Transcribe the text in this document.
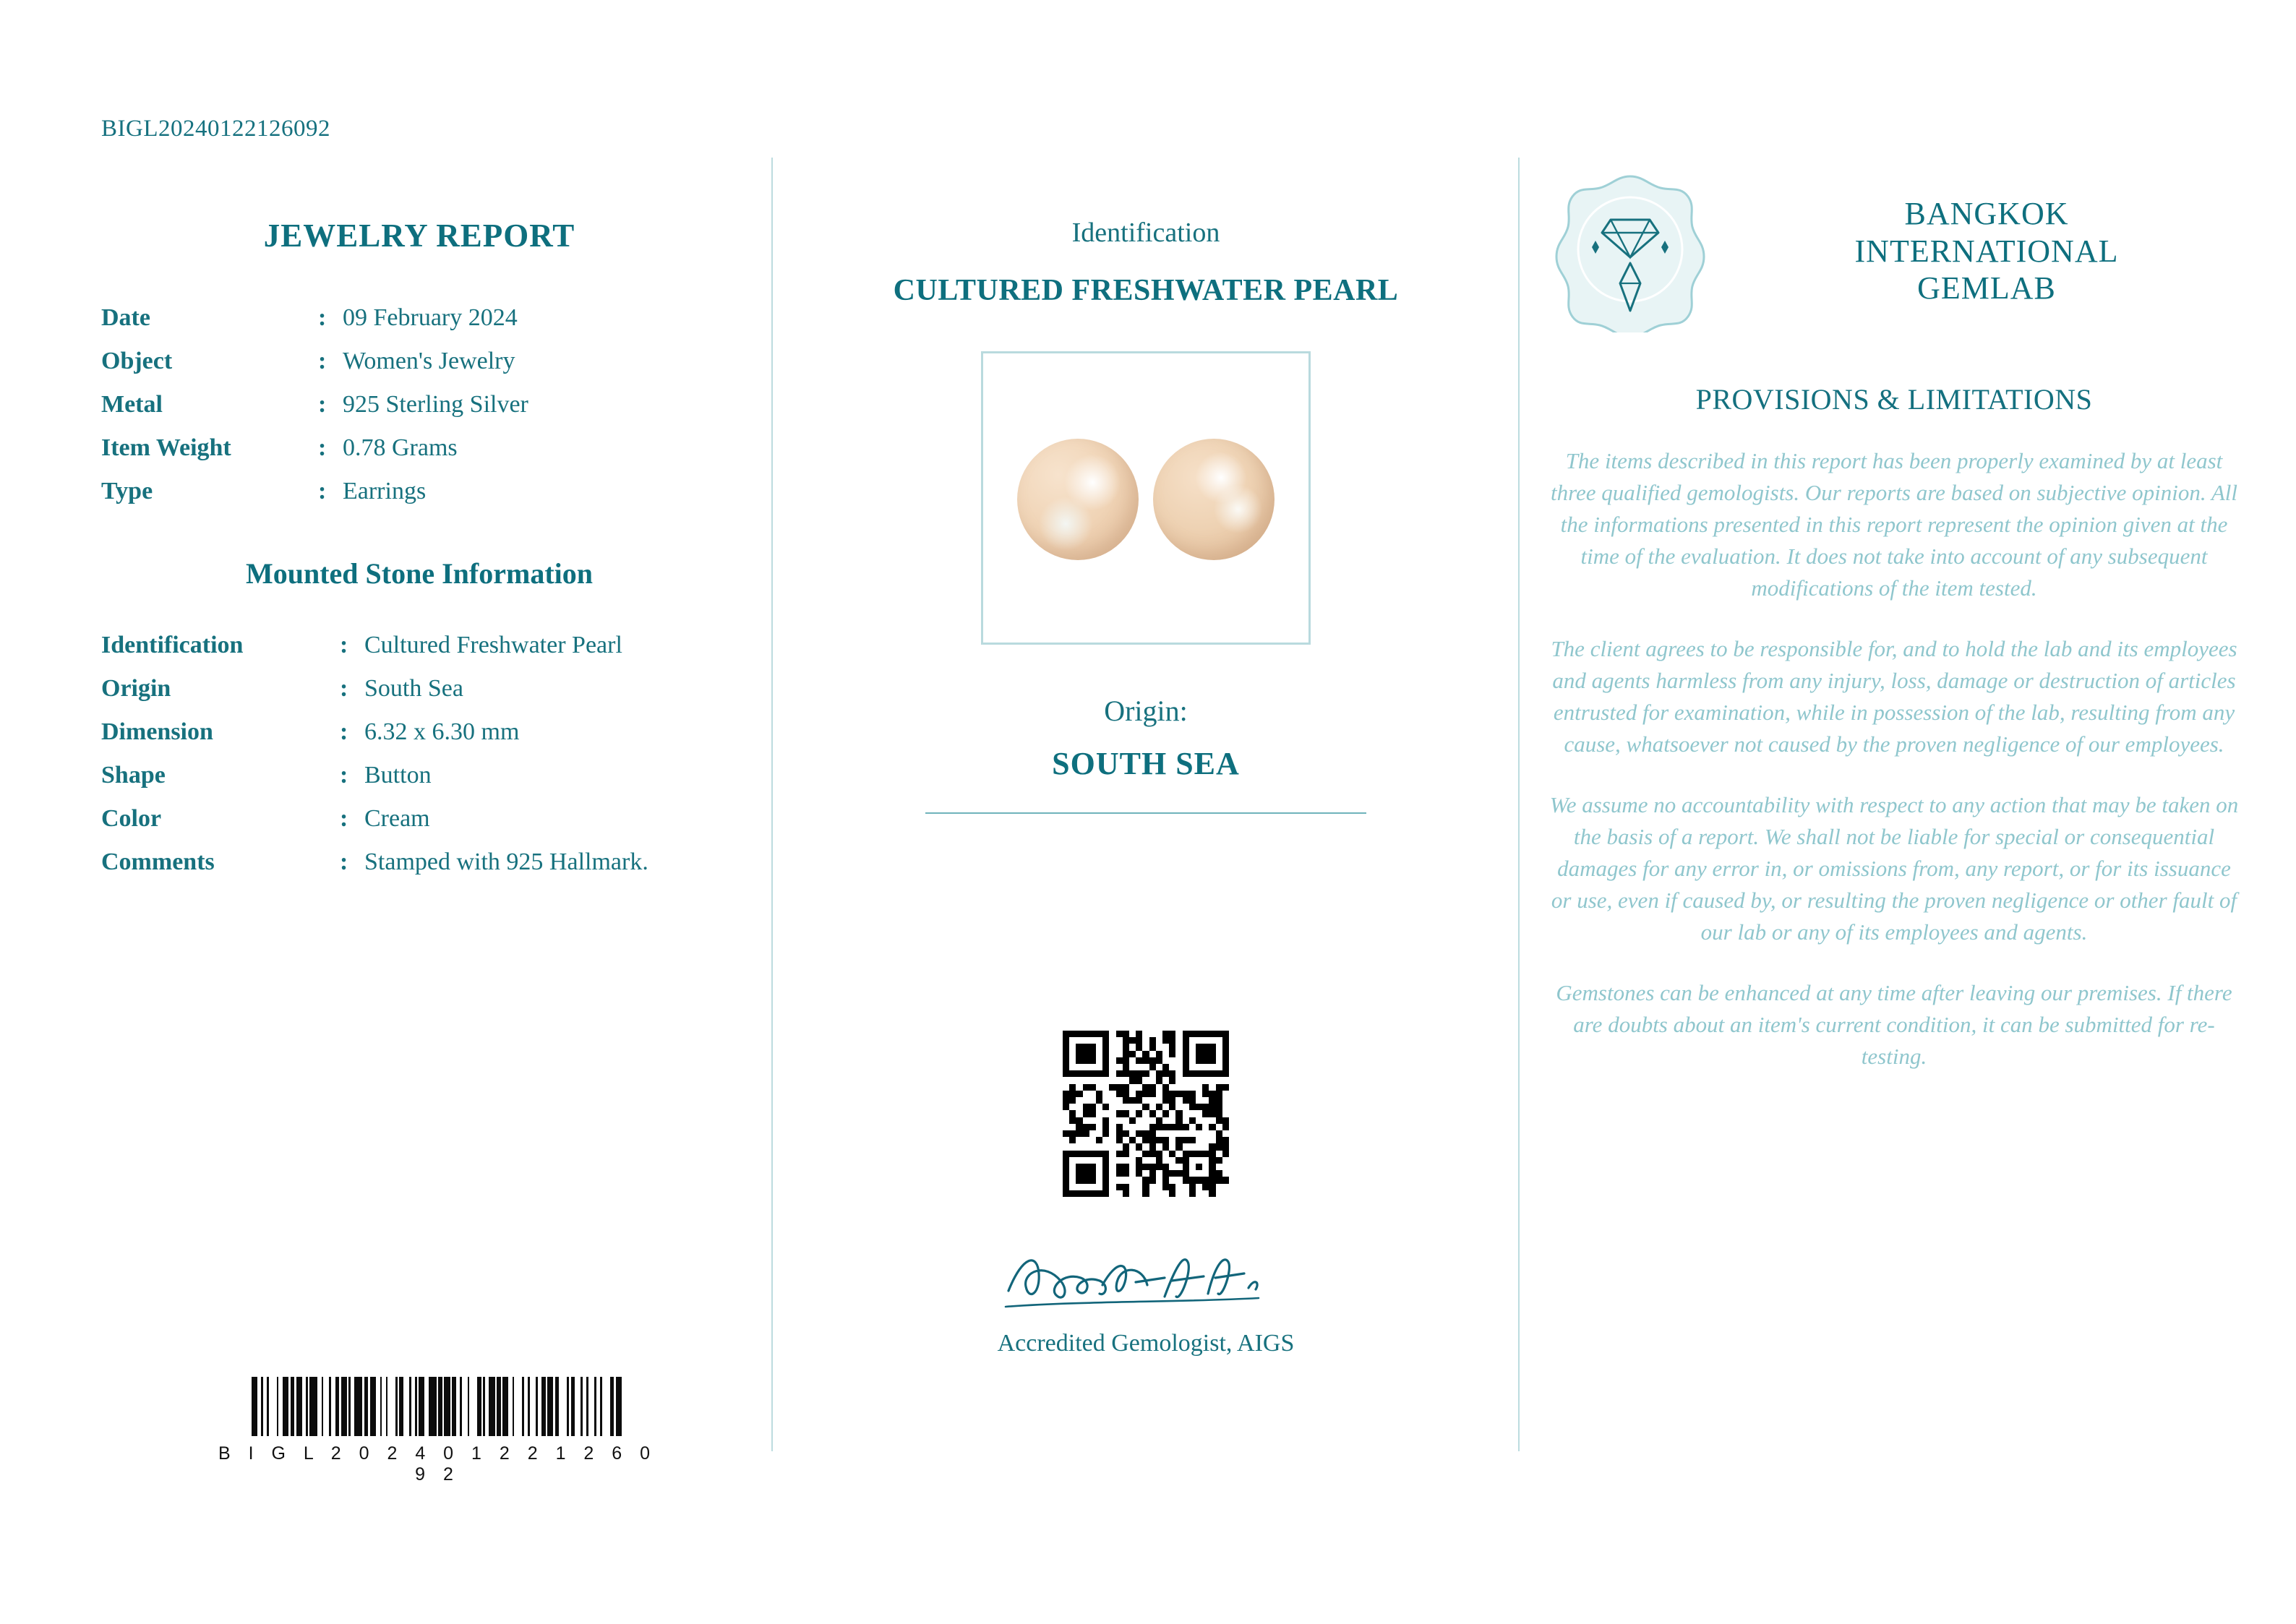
BIGL20240122126092
JEWELRY REPORT
Date	:	09 February 2024
Object	:	Women's Jewelry
Metal	:	925 Sterling Silver
Item Weight	:	0.78 Grams
Type	:	Earrings
Mounted Stone Information
Identification	:	Cultured Freshwater Pearl
Origin	:	South Sea
Dimension	:	6.32 x 6.30 mm
Shape	:	Button
Color	:	Cream
Comments	:	Stamped with 925 Hallmark.
B I G L 2 0 2 4 0 1 2 2 1 2 6 0 9 2
Identification
CULTURED FRESHWATER PEARL
Origin:
SOUTH SEA
Accredited Gemologist, AIGS
BANGKOK
INTERNATIONAL
GEMLAB
PROVISIONS & LIMITATIONS
The items described in this report has been properly examined by at least three qualified gemologists. Our reports are based on subjective opinion. All the informations presented in this report represent the opinion given at the time of the evaluation. It does not take into account of any subsequent modifications of the item tested.
The client agrees to be responsible for, and to hold the lab and its employees and agents harmless from any injury, loss, damage or destruction of articles entrusted for examination, while in possession of the lab, resulting from any cause, whatsoever not caused by the proven negligence of our employees.
We assume no accountability with respect to any action that may be taken on the basis of a report. We shall not be liable for special or consequential damages for any error in, or omissions from, any report, or for its issuance or use, even if caused by, or resulting the proven negligence or other fault of our lab or any of its employees and agents.
Gemstones can be enhanced at any time after leaving our premises. If there are doubts about an item's current condition, it can be submitted for re-testing.
